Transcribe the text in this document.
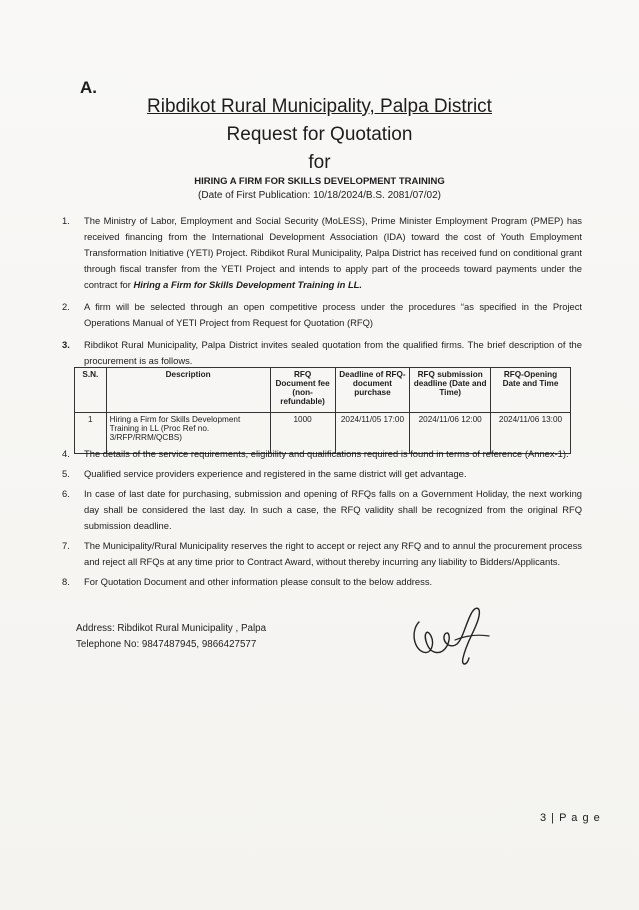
A.
Ribdikot Rural Municipality, Palpa District
Request for Quotation
for
HIRING A FIRM FOR SKILLS DEVELOPMENT TRAINING
(Date of First Publication: 10/18/2024/B.S. 2081/07/02)
1. The Ministry of Labor, Employment and Social Security (MoLESS), Prime Minister Employment Program (PMEP) has received financing from the International Development Association (IDA) toward the cost of Youth Employment Transformation Initiative (YETI) Project. Ribdikot Rural Municipality, Palpa District has received fund on conditional grant through fiscal transfer from the YETI Project and intends to apply part of the proceeds toward payments under the contract for Hiring a Firm for Skills Development Training in LL.
2. A firm will be selected through an open competitive process under the procedures “as specified in the Project Operations Manual of YETI Project from Request for Quotation (RFQ)
3. Ribdikot Rural Municipality, Palpa District invites sealed quotation from the qualified firms. The brief description of the procurement is as follows.
S.N.	Description	RFQ Document fee (non-refundable)	Deadline of RFQ-document purchase	RFQ submission deadline (Date and Time)	RFQ-Opening Date and Time
1	Hiring a Firm for Skills Development Training in LL (Proc Ref no. 3/RFP/RRM/QCBS)	1000	2024/11/05 17:00	2024/11/06 12:00	2024/11/06 13:00
4. The details of the service requirements, eligibility and qualifications required is found in terms of reference (Annex-1).
5. Qualified service providers experience and registered in the same district will get advantage.
6. In case of last date for purchasing, submission and opening of RFQs falls on a Government Holiday, the next working day shall be considered the last day. In such a case, the RFQ validity shall be recognized from the original RFQ submission deadline.
7. The Municipality/Rural Municipality reserves the right to accept or reject any RFQ and to annul the procurement process and reject all RFQs at any time prior to Contract Award, without thereby incurring any liability to Bidders/Applicants.
8. For Quotation Document and other information please consult to the below address.
Address: Ribdikot Rural Municipality , Palpa
Telephone No: 9847487945, 9866427577
3 | P a g e
